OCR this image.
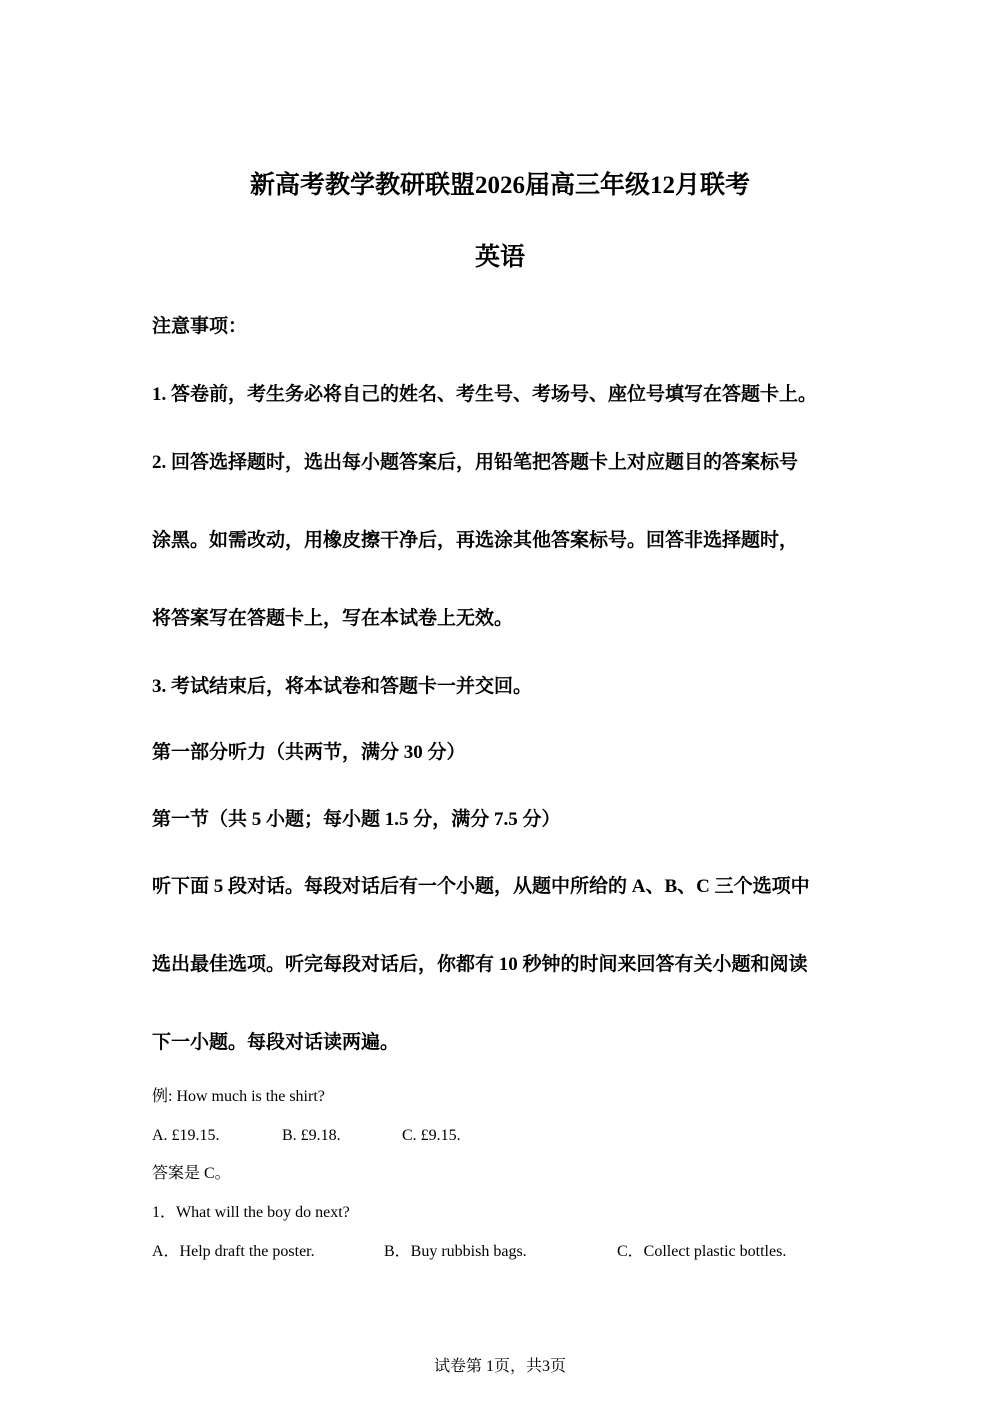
新高考教学教研联盟2026届高三年级12月联考
英语
注意事项：
1. 答卷前，考生务必将自己的姓名、考生号、考场号、座位号填写在答题卡上。
2. 回答选择题时，选出每小题答案后，用铅笔把答题卡上对应题目的答案标号
涂黑。如需改动，用橡皮擦干净后，再选涂其他答案标号。回答非选择题时，
将答案写在答题卡上，写在本试卷上无效。
3. 考试结束后，将本试卷和答题卡一并交回。
第一部分听力（共两节，满分 30 分）
第一节（共 5 小题；每小题 1.5 分，满分 7.5 分）
听下面 5 段对话。每段对话后有一个小题，从题中所给的 A、B、C 三个选项中
选出最佳选项。听完每段对话后，你都有 10 秒钟的时间来回答有关小题和阅读
下一小题。每段对话读两遍。
例: How much is the shirt?
A. £19.15.	B. £9.18.	C. £9.15.
答案是 C。
1．What will the boy do next?
A．Help draft the poster.	B．Buy rubbish bags.	C．Collect plastic bottles.
试卷第 1页，共3页
